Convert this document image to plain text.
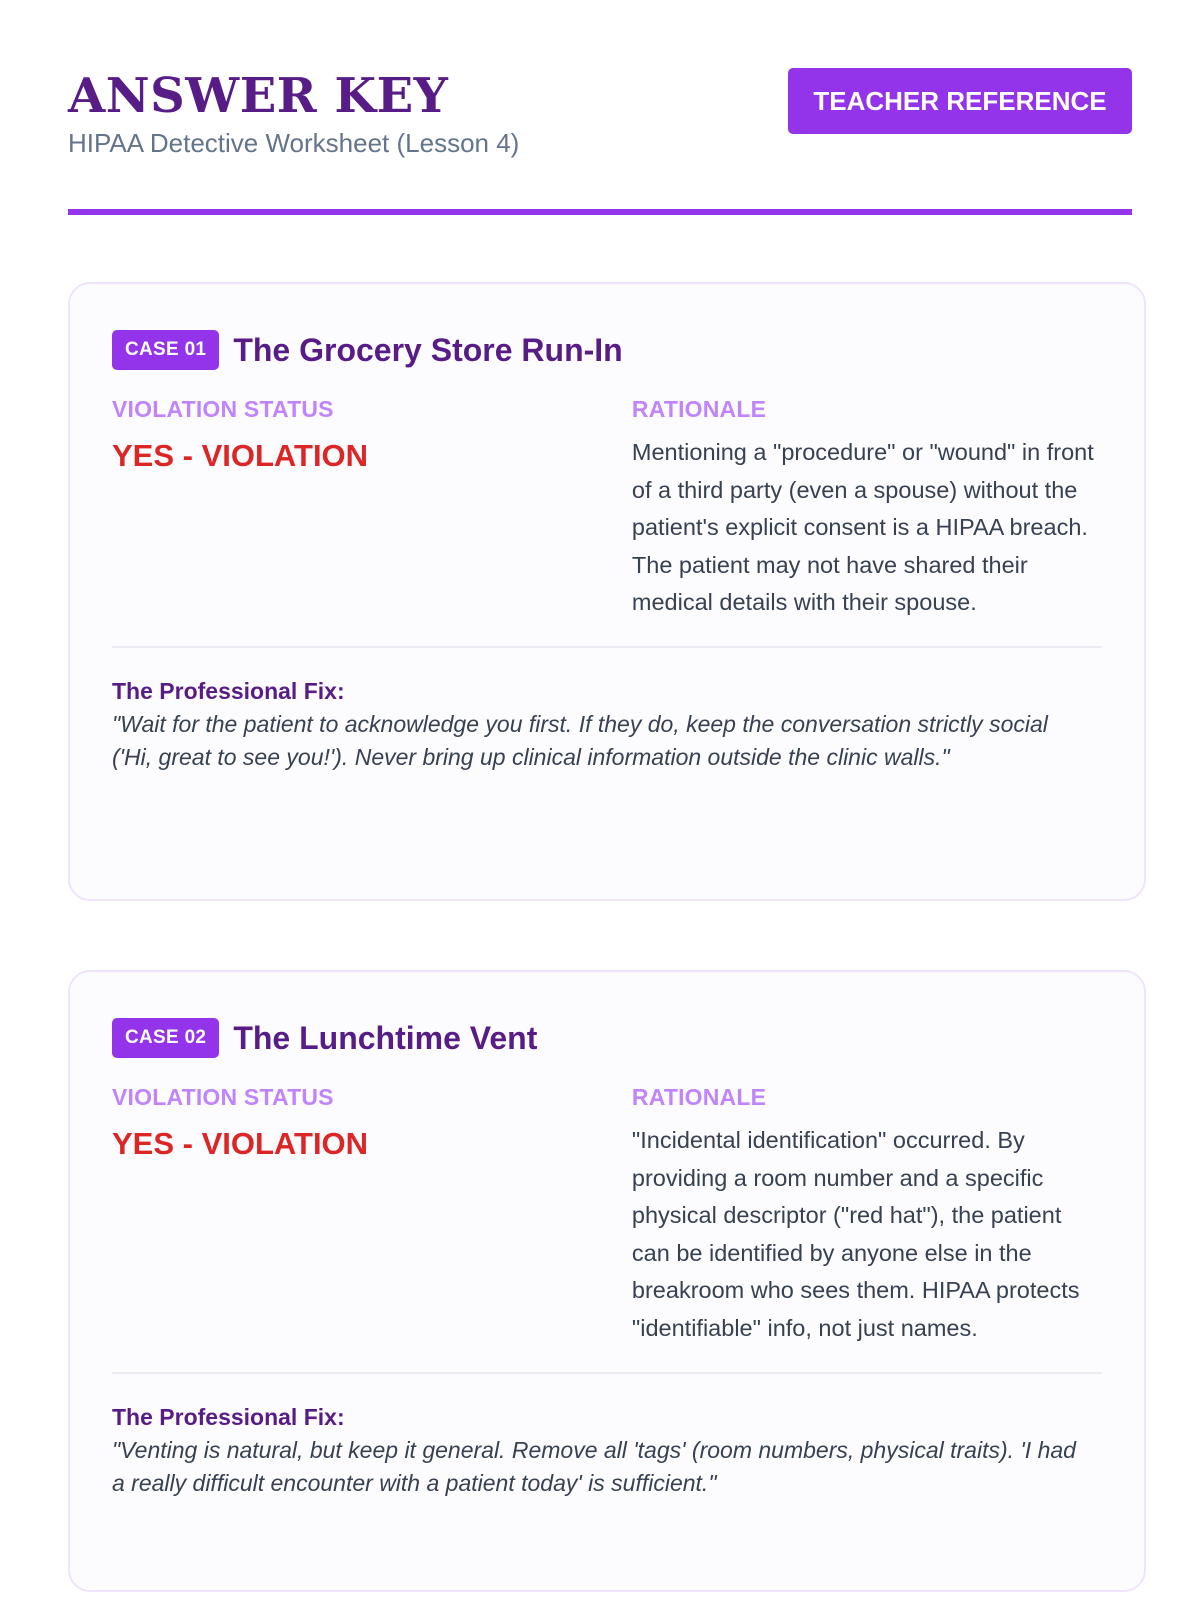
ANSWER KEY
HIPAA Detective Worksheet (Lesson 4)
TEACHER REFERENCE
CASE 01 The Grocery Store Run-In
VIOLATION STATUS
YES - VIOLATION
RATIONALE
Mentioning a "procedure" or "wound" in front of a third party (even a spouse) without the patient's explicit consent is a HIPAA breach. The patient may not have shared their medical details with their spouse.
The Professional Fix:
"Wait for the patient to acknowledge you first. If they do, keep the conversation strictly social ('Hi, great to see you!'). Never bring up clinical information outside the clinic walls."
CASE 02 The Lunchtime Vent
VIOLATION STATUS
YES - VIOLATION
RATIONALE
"Incidental identification" occurred. By providing a room number and a specific physical descriptor ("red hat"), the patient can be identified by anyone else in the breakroom who sees them. HIPAA protects "identifiable" info, not just names.
The Professional Fix:
"Venting is natural, but keep it general. Remove all 'tags' (room numbers, physical traits). 'I had a really difficult encounter with a patient today' is sufficient."
